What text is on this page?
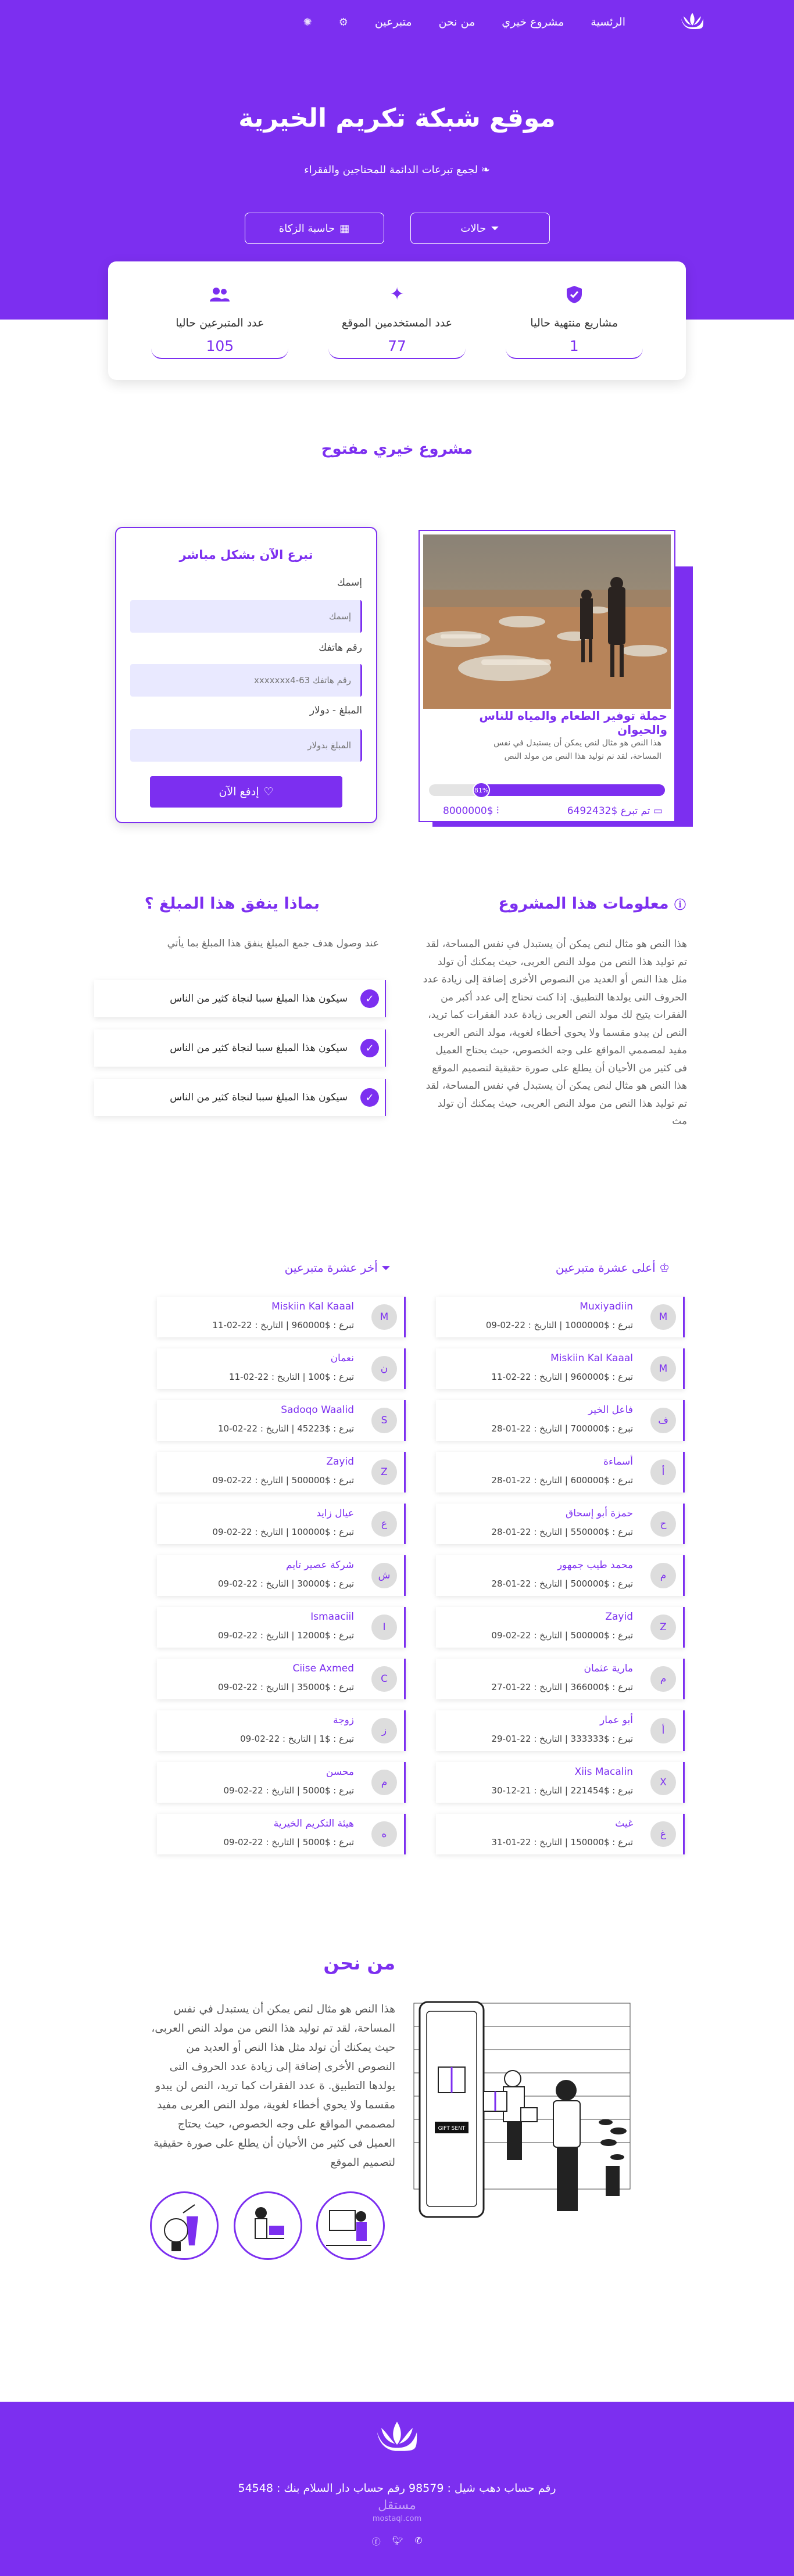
الرئسية
مشروع خيري
من نحن
متبرعين
⚙
✺
موقع شبكة تكريم الخيرية
❧ لجمع تبرعات الدائمة للمحتاجين والفقراء
⏷
حالات
▦
حاسبة الزكاة
مشاريع منتهية حاليا
1
✦
عدد المستخدمين الموقع
77
عدد المتبرعين حاليا
105
مشروع خيري مفتوح
حملة توفير الطعام والمياه للناس والحيوان
هذا النص هو مثال لنص يمكن أن يستبدل في نفس المساحة، لقد تم توليد هذا النص من مولد النص
81%
▭ تم تبرع $6492432
⫶ 8000000$
تبرع الآن بشكل مباشر
إسمك
إسمك
رقم هاتفك
رقم هاتفك 63-xxxxxxx4
المبلغ - دولار
المبلغ بدولار
♡
إدفع الآن
ⓘ معلومات هذا المشروع
هذا النص هو مثال لنص يمكن أن يستبدل في نفس المساحة، لقد تم توليد هذا النص من مولد النص العربى، حيث يمكنك أن تولد مثل هذا النص أو العديد من النصوص الأخرى إضافة إلى زيادة عدد الحروف التى يولدها التطبيق. إذا كنت تحتاج إلى عدد أكبر من الفقرات يتيح لك مولد النص العربى زيادة عدد الفقرات كما تريد، النص لن يبدو مقسما ولا يحوي أخطاء لغوية، مولد النص العربى مفيد لمصممي المواقع على وجه الخصوص، حيث يحتاج العميل فى كثير من الأحيان أن يطلع على صورة حقيقية لتصميم الموقع هذا النص هو مثال لنص يمكن أن يستبدل في نفس المساحة، لقد تم توليد هذا النص من مولد النص العربى، حيث يمكنك أن تولد مث
بماذا ينفق هذا المبلغ ؟
عند وصول هدف جمع المبلغ ينفق هذا المبلغ بما يأتي
✓
سيكون هذا المبلغ سببا لنجاة كثير من الناس
✓
سيكون هذا المبلغ سببا لنجاة كثير من الناس
✓
سيكون هذا المبلغ سببا لنجاة كثير من الناس
♔ أعلى عشرة متبرعين
⏷ أخر عشرة متبرعين
M
Muxiyadiin
تبرع : $1000000 | التاريخ : 22-02-09
M
Miskiin Kal Kaaal
تبرع : $960000 | التاريخ : 22-02-11
ف
فاعل الخير
تبرع : $700000 | التاريخ : 22-01-28
أ
أسماءة
تبرع : $600000 | التاريخ : 22-01-28
ح
حمزة أبو إسحاق
تبرع : $550000 | التاريخ : 22-01-28
م
محمد طيب جمهور
تبرع : $500000 | التاريخ : 22-01-28
Z
Zayid
تبرع : $500000 | التاريخ : 22-02-09
م
مارية عثمان
تبرع : $366000 | التاريخ : 22-01-27
أ
أبو عمار
تبرع : $333333 | التاريخ : 22-01-29
X
Xiis Macalin
تبرع : $221454 | التاريخ : 21-12-30
غ
غيث
تبرع : $150000 | التاريخ : 22-01-31
M
Miskiin Kal Kaaal
تبرع : $960000 | التاريخ : 22-02-11
ن
نعمان
تبرع : $100 | التاريخ : 22-02-11
S
Sadoqo Waalid
تبرع : $45223 | التاريخ : 22-02-10
Z
Zayid
تبرع : $500000 | التاريخ : 22-02-09
ع
عيال زايد
تبرع : $100000 | التاريخ : 22-02-09
ش
شركة عصير تايم
تبرع : $30000 | التاريخ : 22-02-09
I
Ismaaciil
تبرع : $12000 | التاريخ : 22-02-09
C
Ciise Axmed
تبرع : $35000 | التاريخ : 22-02-09
ز
زوجة
تبرع : $1 | التاريخ : 22-02-09
م
محسن
تبرع : $5000 | التاريخ : 22-02-09
ه
هيئة التكريم الخيرية
تبرع : $5000 | التاريخ : 22-02-09
من نحن
هذا النص هو مثال لنص يمكن أن يستبدل في نفس المساحة، لقد تم توليد هذا النص من مولد النص العربى، حيث يمكنك أن تولد مثل هذا النص أو العديد من النصوص الأخرى إضافة إلى زيادة عدد الحروف التى يولدها التطبيق. ة عدد الفقرات كما تريد، النص لن يبدو مقسما ولا يحوي أخطاء لغوية، مولد النص العربى مفيد لمصممي المواقع على وجه الخصوص، حيث يحتاج العميل فى كثير من الأحيان أن يطلع على صورة حقيقية لتصميم الموقع
GIFT SENT
رقم حساب دهب شيل : 98579 رقم حساب دار السلام بنك : 54548
مستقل
mostaql.com
✆
🐦︎
ⓕ
